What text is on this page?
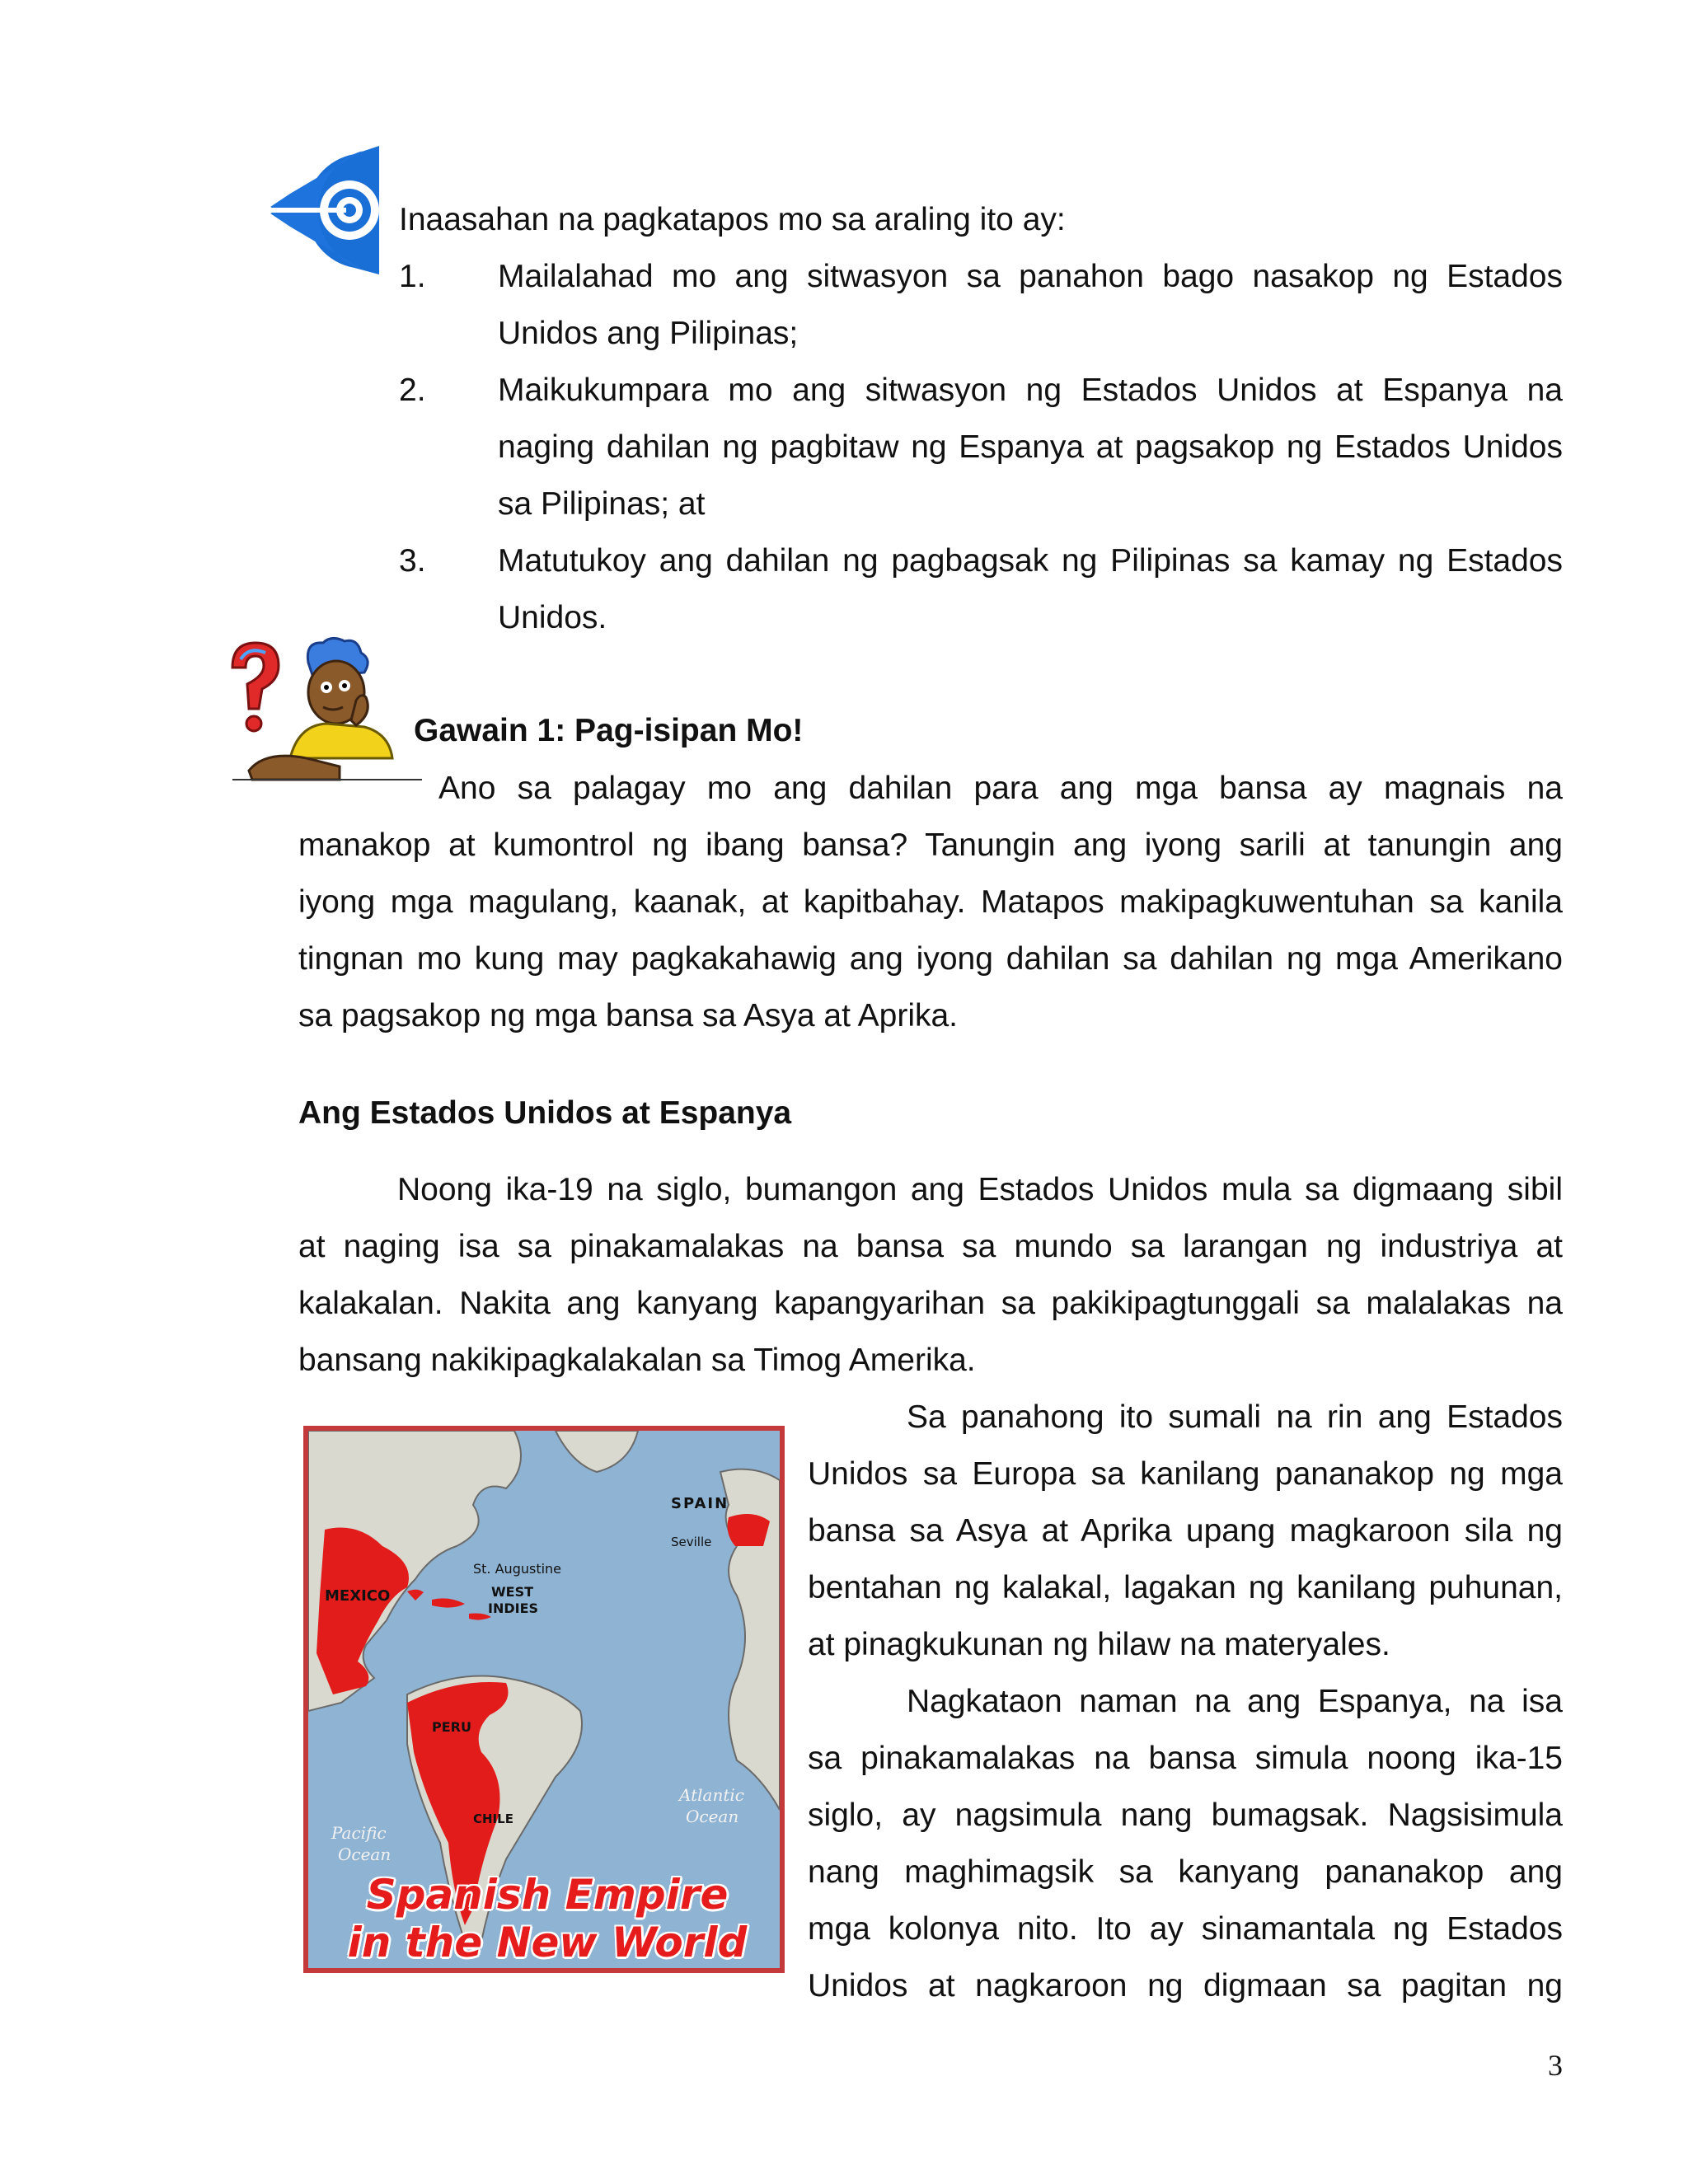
Inaasahan na pagkatapos mo sa araling ito ay:
1.	Mailalahad mo ang sitwasyon sa panahon bago nasakop ng Estados
Unidos ang Pilipinas;
2.	Maikukumpara mo ang sitwasyon ng Estados Unidos at Espanya na
naging dahilan ng pagbitaw ng Espanya at pagsakop ng Estados Unidos
sa Pilipinas; at
3.	Matutukoy ang dahilan ng pagbagsak ng Pilipinas sa kamay ng Estados
Unidos.
Gawain 1: Pag-isipan Mo!
Ano sa palagay mo ang dahilan para ang mga bansa ay magnais na
manakop at kumontrol ng ibang bansa? Tanungin ang iyong sarili at tanungin ang
iyong mga magulang, kaanak, at kapitbahay. Matapos makipagkuwentuhan sa kanila
tingnan mo kung may pagkakahawig ang iyong dahilan sa dahilan ng mga Amerikano
sa pagsakop ng mga bansa sa Asya at Aprika.
Ang Estados Unidos at Espanya
Noong ika-19 na siglo, bumangon ang Estados Unidos mula sa digmaang sibil
at naging isa sa pinakamalakas na bansa sa mundo sa larangan ng industriya at
kalakalan. Nakita ang kanyang kapangyarihan sa pakikipagtunggali sa malalakas na
bansang nakikipagkalakalan sa Timog Amerika.
Sa panahong ito sumali na rin ang Estados
Unidos sa Europa sa kanilang pananakop ng mga
bansa sa Asya at Aprika upang magkaroon sila ng
bentahan ng kalakal, lagakan ng kanilang puhunan,
at pinagkukunan ng hilaw na materyales.
Nagkataon naman na ang Espanya, na isa
sa pinakamalakas na bansa simula noong ika-15
siglo, ay nagsimula nang bumagsak. Nagsisimula
nang maghimagsik sa kanyang pananakop ang
mga kolonya nito. Ito ay sinamantala ng Estados
Unidos at nagkaroon ng digmaan sa pagitan ng
SPAIN
Seville
St. Augustine
WEST
INDIES
MEXICO
PERU
CHILE
Atlantic
Ocean
Pacific
Ocean
Spanish Empire
in the New World
3
